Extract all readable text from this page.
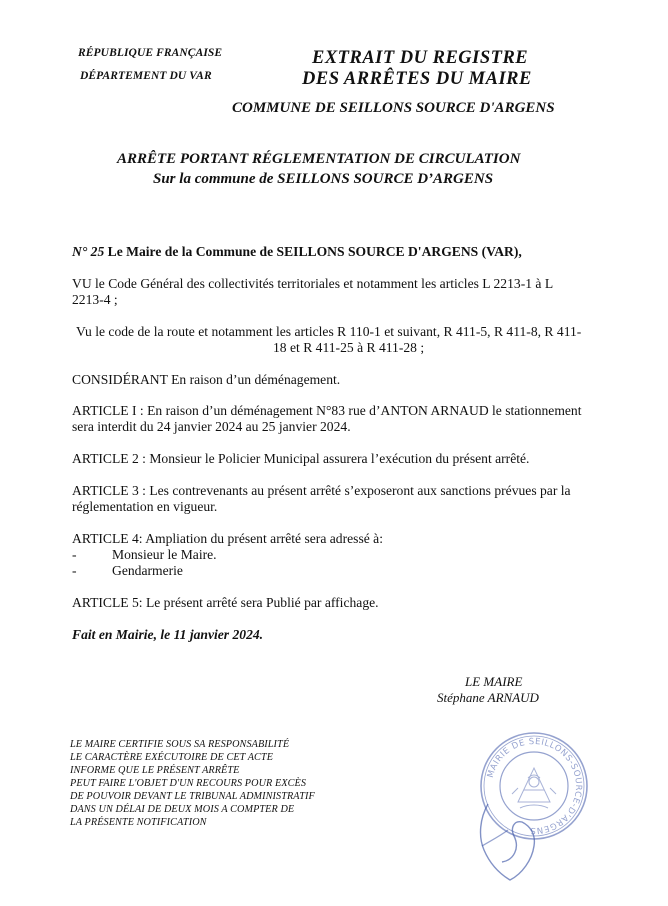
RÉPUBLIQUE FRANÇAISE
DÉPARTEMENT DU VAR
EXTRAIT DU REGISTRE
DES ARRÊTES DU MAIRE
COMMUNE DE SEILLONS SOURCE D'ARGENS
ARRÊTE PORTANT RÉGLEMENTATION DE CIRCULATION
Sur la commune de SEILLONS SOURCE D’ARGENS
N° 25 Le Maire de la Commune de SEILLONS SOURCE D'ARGENS (VAR),
VU le Code Général des collectivités territoriales et notamment les articles L 2213-1 à L
2213-4 ;
Vu le code de la route et notamment les articles R 110-1 et suivant, R 411-5, R 411-8, R 411-
18 et R 411-25 à R 411-28 ;
CONSIDÉRANT En raison d’un déménagement.
ARTICLE I : En raison d’un déménagement N°83 rue d’ANTON ARNAUD le stationnement
sera interdit du 24 janvier 2024 au 25 janvier 2024.
ARTICLE 2 : Monsieur le Policier Municipal assurera l’exécution du présent arrêté.
ARTICLE 3 : Les contrevenants au présent arrêté s’exposeront aux sanctions prévues par la
réglementation en vigueur.
ARTICLE 4: Ampliation du présent arrêté sera adressé à:
-	Monsieur le Maire.
-	Gendarmerie
ARTICLE 5: Le présent arrêté sera Publié par affichage.
Fait en Mairie, le 11 janvier 2024.
LE MAIRE
Stéphane ARNAUD
LE MAIRE CERTIFIE SOUS SA RESPONSABILITÉ
LE CARACTÈRE EXÉCUTOIRE DE CET ACTE
INFORME QUE LE PRÉSENT ARRÊTE
PEUT FAIRE L'OBJET D'UN RECOURS POUR EXCÈS
DE POUVOIR DEVANT LE TRIBUNAL ADMINISTRATIF
DANS UN DÉLAI DE DEUX MOIS A COMPTER DE
LA PRÉSENTE NOTIFICATION
MAIRIE DE SEILLONS-SOURCE-D'ARGENS
